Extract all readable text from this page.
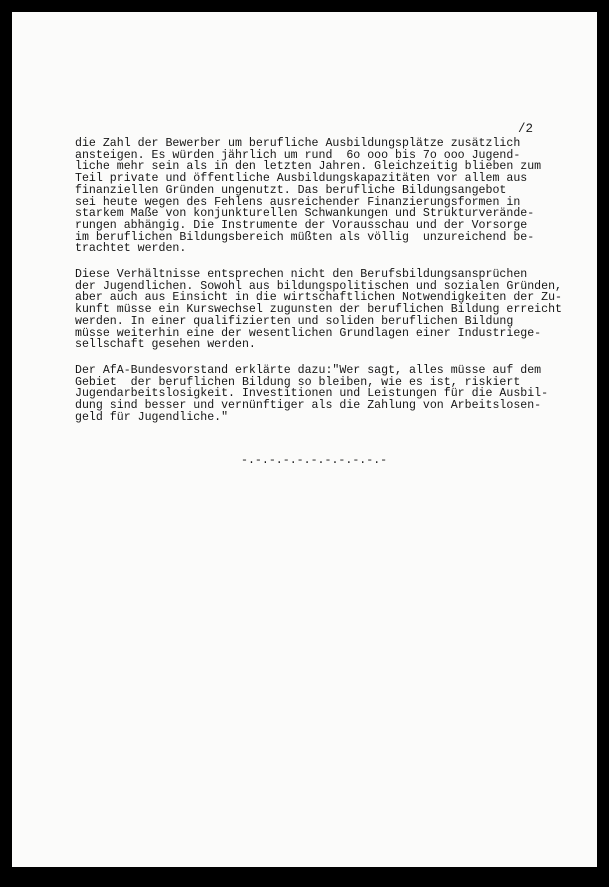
/2
die Zahl der Bewerber um berufliche Ausbildungsplätze zusätzlich
ansteigen. Es würden jährlich um rund  6o ooo bis 7o ooo Jugend-
liche mehr sein als in den letzten Jahren. Gleichzeitig blieben zum
Teil private und öffentliche Ausbildungskapazitäten vor allem aus
finanziellen Gründen ungenutzt. Das berufliche Bildungsangebot
sei heute wegen des Fehlens ausreichender Finanzierungsformen in
starkem Maße von konjunkturellen Schwankungen und Strukturverände-
rungen abhängig. Die Instrumente der Vorausschau und der Vorsorge
im beruflichen Bildungsbereich müßten als völlig  unzureichend be-
trachtet werden.
Diese Verhältnisse entsprechen nicht den Berufsbildungsansprüchen
der Jugendlichen. Sowohl aus bildungspolitischen und sozialen Gründen,
aber auch aus Einsicht in die wirtschaftlichen Notwendigkeiten der Zu-
kunft müsse ein Kurswechsel zugunsten der beruflichen Bildung erreicht
werden. In einer qualifizierten und soliden beruflichen Bildung
müsse weiterhin eine der wesentlichen Grundlagen einer Industriege-
sellschaft gesehen werden.
Der AfA-Bundesvorstand erklärte dazu:"Wer sagt, alles müsse auf dem
Gebiet  der beruflichen Bildung so bleiben, wie es ist, riskiert
Jugendarbeitslosigkeit. Investitionen und Leistungen für die Ausbil-
dung sind besser und vernünftiger als die Zahlung von Arbeitslosen-
geld für Jugendliche."
-.-.-.-.-.-.-.-.-.-.-
